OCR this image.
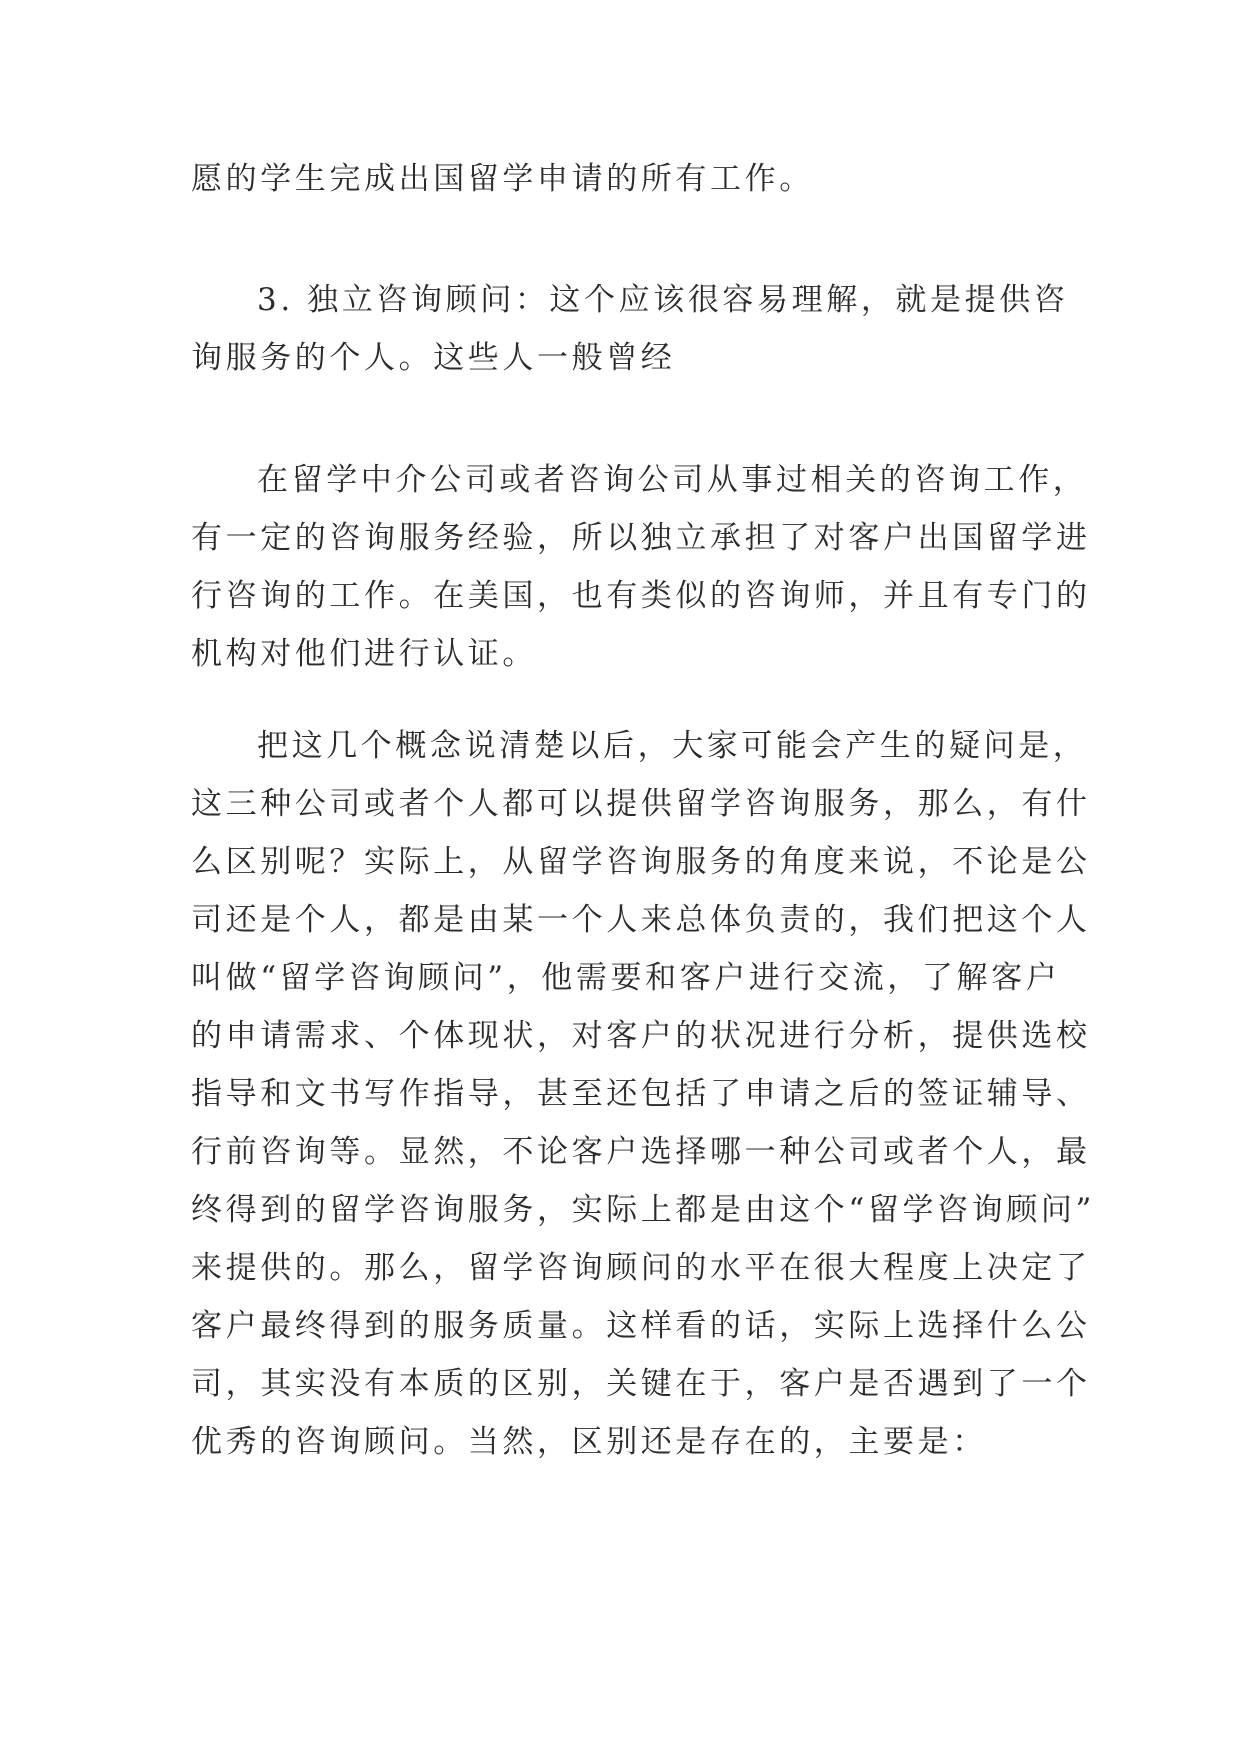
愿的学生完成出国留学申请的所有工作。
3. 独立咨询顾问：这个应该很容易理解，就是提供咨
询服务的个人。这些人一般曾经
在留学中介公司或者咨询公司从事过相关的咨询工作，
有一定的咨询服务经验，所以独立承担了对客户出国留学进
行咨询的工作。在美国，也有类似的咨询师，并且有专门的
机构对他们进行认证。
把这几个概念说清楚以后，大家可能会产生的疑问是，
这三种公司或者个人都可以提供留学咨询服务，那么，有什
么区别呢？实际上，从留学咨询服务的角度来说，不论是公
司还是个人，都是由某一个人来总体负责的，我们把这个人
叫做“留学咨询顾问”，他需要和客户进行交流，了解客户
的申请需求、个体现状，对客户的状况进行分析，提供选校
指导和文书写作指导，甚至还包括了申请之后的签证辅导、
行前咨询等。显然，不论客户选择哪一种公司或者个人，最
终得到的留学咨询服务，实际上都是由这个“留学咨询顾问”
来提供的。那么，留学咨询顾问的水平在很大程度上决定了
客户最终得到的服务质量。这样看的话，实际上选择什么公
司，其实没有本质的区别，关键在于，客户是否遇到了一个
优秀的咨询顾问。当然，区别还是存在的，主要是：
